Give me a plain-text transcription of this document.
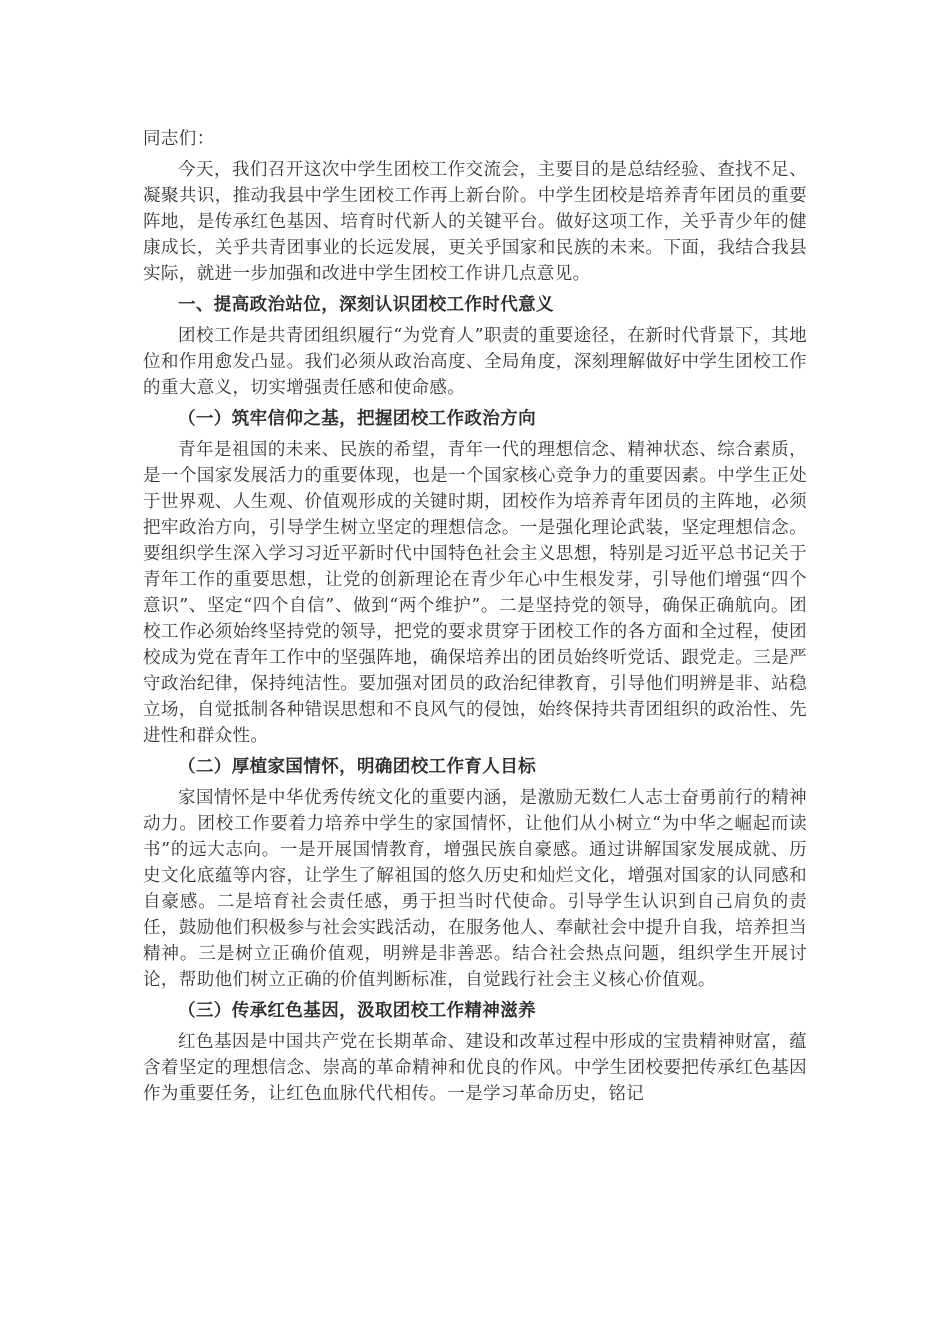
同志们：

今天，我们召开这次中学生团校工作交流会，主要目的是总结经验、查找不足、凝聚共识，推动我县中学生团校工作再上新台阶。中学生团校是培养青年团员的重要阵地，是传承红色基因、培育时代新人的关键平台。做好这项工作，关乎青少年的健康成长，关乎共青团事业的长远发展，更关乎国家和民族的未来。下面，我结合我县实际，就进一步加强和改进中学生团校工作讲几点意见。

一、提高政治站位，深刻认识团校工作时代意义

团校工作是共青团组织履行“为党育人”职责的重要途径，在新时代背景下，其地位和作用愈发凸显。我们必须从政治高度、全局角度，深刻理解做好中学生团校工作的重大意义，切实增强责任感和使命感。

（一）筑牢信仰之基，把握团校工作政治方向

青年是祖国的未来、民族的希望，青年一代的理想信念、精神状态、综合素质，是一个国家发展活力的重要体现，也是一个国家核心竞争力的重要因素。中学生正处于世界观、人生观、价值观形成的关键时期，团校作为培养青年团员的主阵地，必须把牢政治方向，引导学生树立坚定的理想信念。一是强化理论武装，坚定理想信念。要组织学生深入学习习近平新时代中国特色社会主义思想，特别是习近平总书记关于青年工作的重要思想，让党的创新理论在青少年心中生根发芽，引导他们增强“四个意识”、坚定“四个自信”、做到“两个维护”。二是坚持党的领导，确保正确航向。团校工作必须始终坚持党的领导，把党的要求贯穿于团校工作的各方面和全过程，使团校成为党在青年工作中的坚强阵地，确保培养出的团员始终听党话、跟党走。三是严守政治纪律，保持纯洁性。要加强对团员的政治纪律教育，引导他们明辨是非、站稳立场，自觉抵制各种错误思想和不良风气的侵蚀，始终保持共青团组织的政治性、先进性和群众性。

（二）厚植家国情怀，明确团校工作育人目标

家国情怀是中华优秀传统文化的重要内涵，是激励无数仁人志士奋勇前行的精神动力。团校工作要着力培养中学生的家国情怀，让他们从小树立“为中华之崛起而读书”的远大志向。一是开展国情教育，增强民族自豪感。通过讲解国家发展成就、历史文化底蕴等内容，让学生了解祖国的悠久历史和灿烂文化，增强对国家的认同感和自豪感。二是培育社会责任感，勇于担当时代使命。引导学生认识到自己肩负的责任，鼓励他们积极参与社会实践活动，在服务他人、奉献社会中提升自我，培养担当精神。三是树立正确价值观，明辨是非善恶。结合社会热点问题，组织学生开展讨论，帮助他们树立正确的价值判断标准，自觉践行社会主义核心价值观。

（三）传承红色基因，汲取团校工作精神滋养

红色基因是中国共产党在长期革命、建设和改革过程中形成的宝贵精神财富，蕴含着坚定的理想信念、崇高的革命精神和优良的作风。中学生团校要把传承红色基因作为重要任务，让红色血脉代代相传。一是学习革命历史，铭记
